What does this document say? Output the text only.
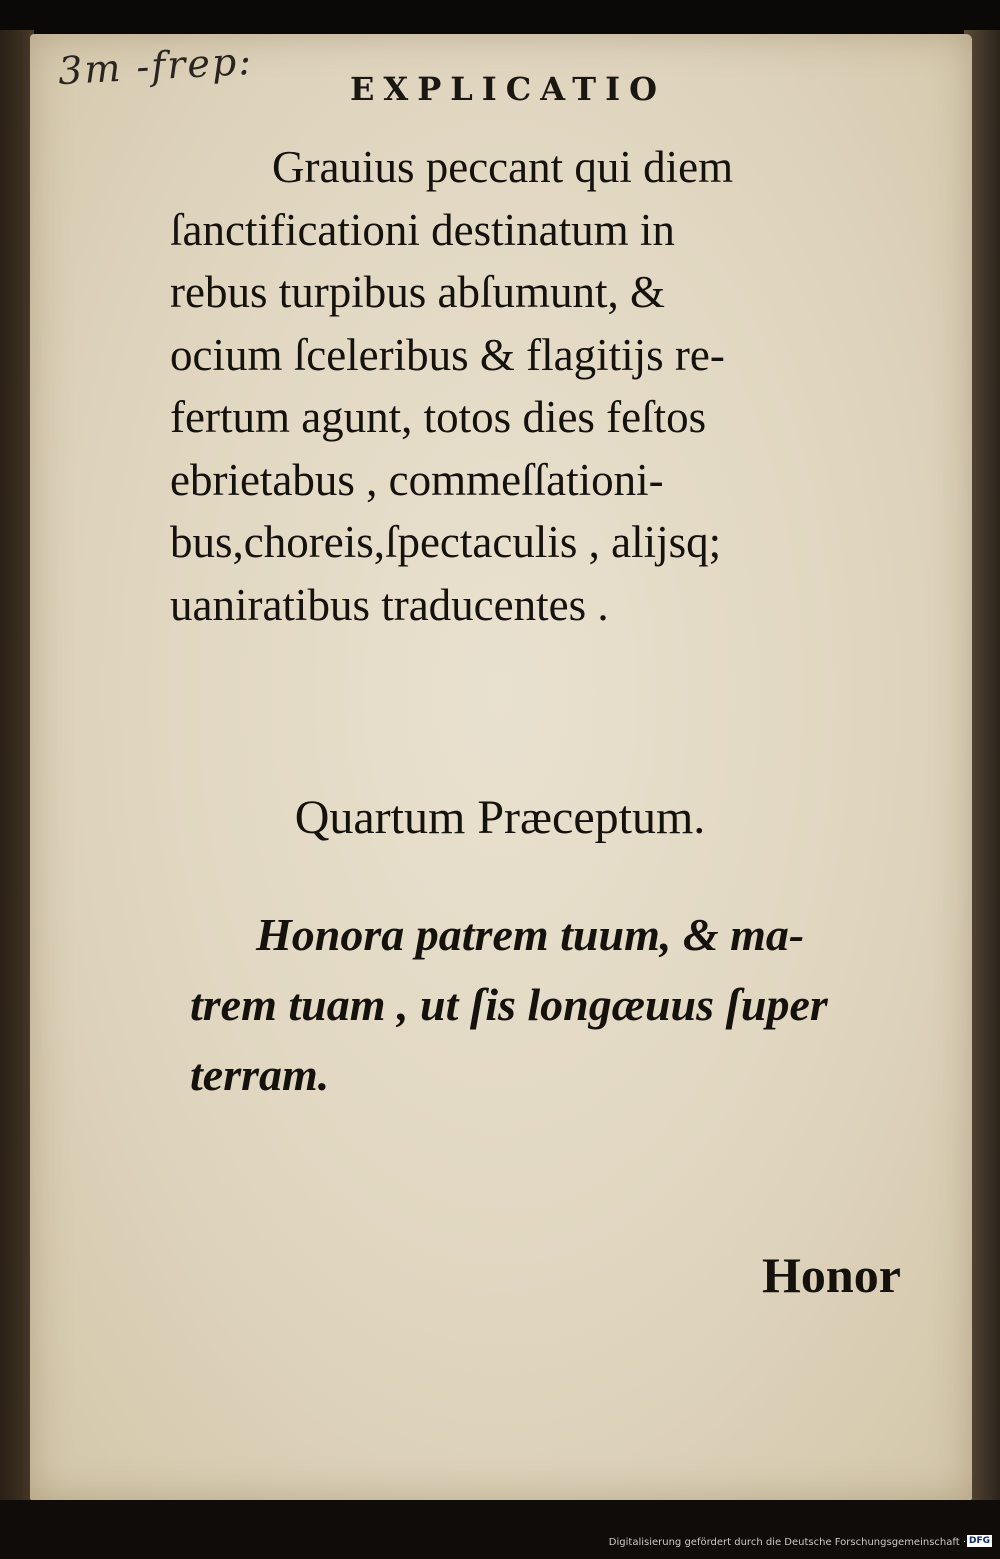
3m -frep:	EXPLICATIO
Grauius peccant qui diem
ſanctificationi destinatum in
rebus turpibus abſumunt, &
ocium ſceleribus & flagitijs re-
fertum agunt, totos dies feſtos
ebrietabus , commeſſationi-
bus,choreis,ſpectaculis , alijsq;
uaniratibus traducentes .
Quartum Præceptum.
Honora patrem tuum, & ma-
trem tuam , ut ſis longæuus ſuper
terram.
Honor
Digitalisierung gefördert durch die Deutsche Forschungsgemeinschaft · DFG
